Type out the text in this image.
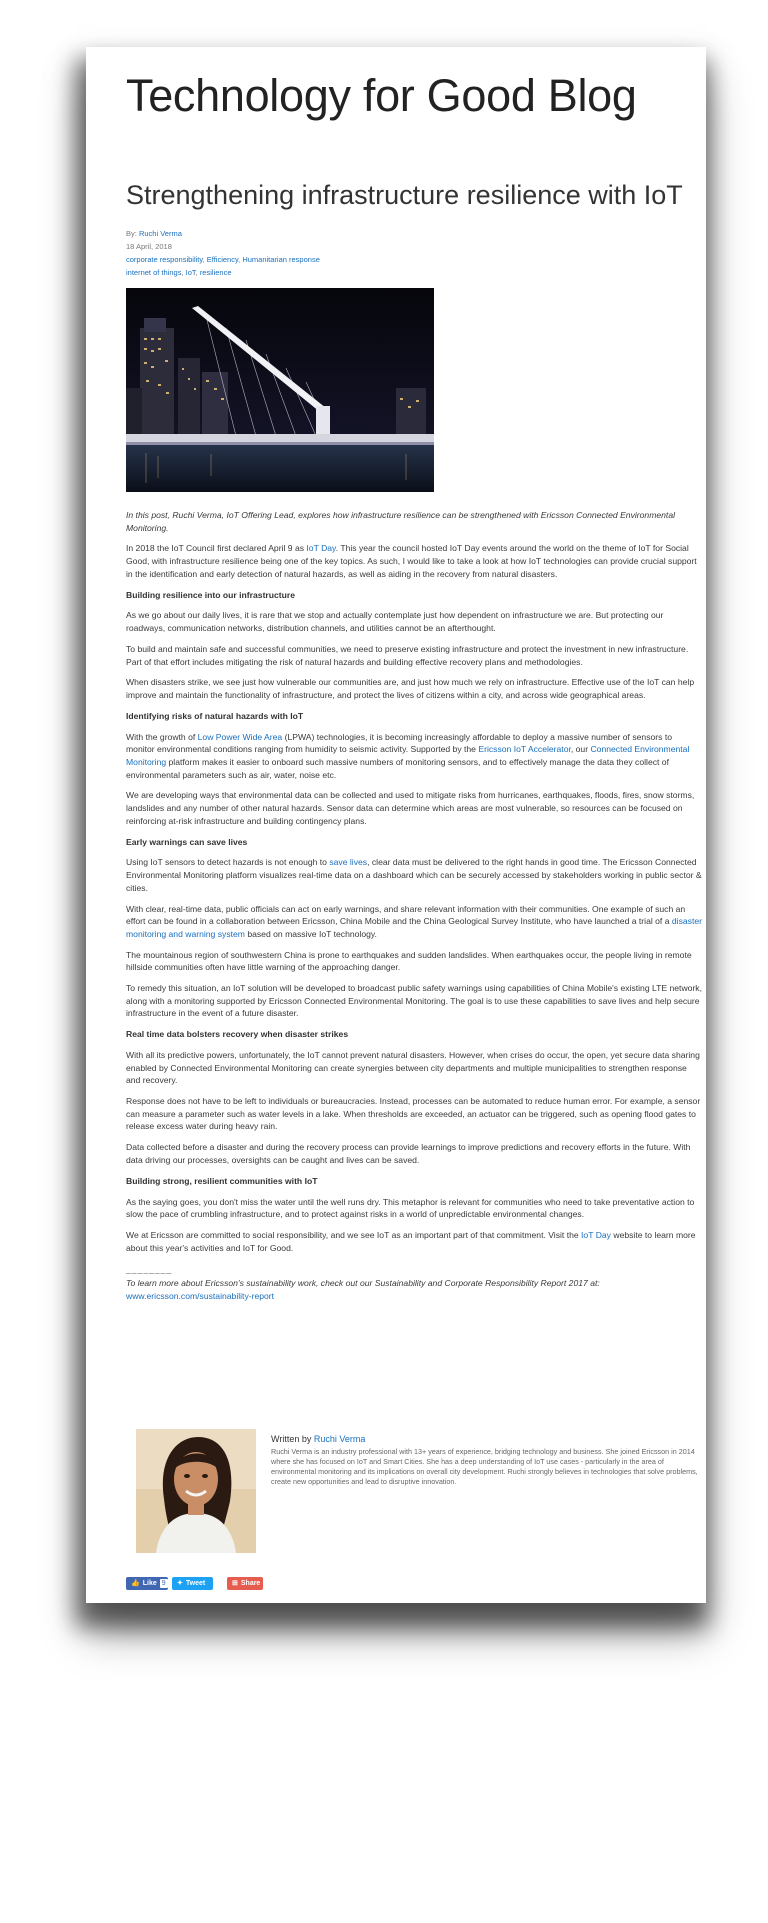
Technology for Good Blog
Strengthening infrastructure resilience with IoT
By: Ruchi Verma
18 April, 2018
corporate responsibility, Efficiency, Humanitarian response
internet of things, IoT, resilience

In this post, Ruchi Verma, IoT Offering Lead, explores how infrastructure resilience can be strengthened with Ericsson Connected Environmental Monitoring.

In 2018 the IoT Council first declared April 9 as IoT Day. This year the council hosted IoT Day events around the world on the theme of IoT for Social Good, with infrastructure resilience being one of the key topics. As such, I would like to take a look at how IoT technologies can provide crucial support in the identification and early detection of natural hazards, as well as aiding in the recovery from natural disasters.

Building resilience into our infrastructure

As we go about our daily lives, it is rare that we stop and actually contemplate just how dependent on infrastructure we are. But protecting our roadways, communication networks, distribution channels, and utilities cannot be an afterthought.

To build and maintain safe and successful communities, we need to preserve existing infrastructure and protect the investment in new infrastructure. Part of that effort includes mitigating the risk of natural hazards and building effective recovery plans and methodologies.

When disasters strike, we see just how vulnerable our communities are, and just how much we rely on infrastructure. Effective use of the IoT can help improve and maintain the functionality of infrastructure, and protect the lives of citizens within a city, and across wide geographical areas.

Identifying risks of natural hazards with IoT

With the growth of Low Power Wide Area (LPWA) technologies, it is becoming increasingly affordable to deploy a massive number of sensors to monitor environmental conditions ranging from humidity to seismic activity. Supported by the Ericsson IoT Accelerator, our Connected Environmental Monitoring platform makes it easier to onboard such massive numbers of monitoring sensors, and to effectively manage the data they collect of environmental parameters such as air, water, noise etc.

We are developing ways that environmental data can be collected and used to mitigate risks from hurricanes, earthquakes, floods, fires, snow storms, landslides and any number of other natural hazards. Sensor data can determine which areas are most vulnerable, so resources can be focused on reinforcing at-risk infrastructure and building contingency plans.

Early warnings can save lives

Using IoT sensors to detect hazards is not enough to save lives, clear data must be delivered to the right hands in good time. The Ericsson Connected Environmental Monitoring platform visualizes real-time data on a dashboard which can be securely accessed by stakeholders working in public sector & cities.

With clear, real-time data, public officials can act on early warnings, and share relevant information with their communities. One example of such an effort can be found in a collaboration between Ericsson, China Mobile and the China Geological Survey Institute, who have launched a trial of a disaster monitoring and warning system based on massive IoT technology.

The mountainous region of southwestern China is prone to earthquakes and sudden landslides. When earthquakes occur, the people living in remote hillside communities often have little warning of the approaching danger.

To remedy this situation, an IoT solution will be developed to broadcast public safety warnings using capabilities of China Mobile's existing LTE network, along with a monitoring supported by Ericsson Connected Environmental Monitoring. The goal is to use these capabilities to save lives and help secure infrastructure in the event of a future disaster.

Real time data bolsters recovery when disaster strikes

With all its predictive powers, unfortunately, the IoT cannot prevent natural disasters. However, when crises do occur, the open, yet secure data sharing enabled by Connected Environmental Monitoring can create synergies between city departments and multiple municipalities to strengthen response and recovery.

Response does not have to be left to individuals or bureaucracies. Instead, processes can be automated to reduce human error. For example, a sensor can measure a parameter such as water levels in a lake. When thresholds are exceeded, an actuator can be triggered, such as opening flood gates to release excess water during heavy rain.

Data collected before a disaster and during the recovery process can provide learnings to improve predictions and recovery efforts in the future. With data driving our processes, oversights can be caught and lives can be saved.

Building strong, resilient communities with IoT

As the saying goes, you don't miss the water until the well runs dry. This metaphor is relevant for communities who need to take preventative action to slow the pace of crumbling infrastructure, and to protect against risks in a world of unpredictable environmental changes.

We at Ericsson are committed to social responsibility, and we see IoT as an important part of that commitment. Visit the IoT Day website to learn more about this year's activities and IoT for Good.

________

To learn more about Ericsson's sustainability work, check out our Sustainability and Corporate Responsibility Report 2017 at: www.ericsson.com/sustainability-report

Written by Ruchi Verma
Ruchi Verma is an industry professional with 13+ years of experience, bridging technology and business. She joined Ericsson in 2014 where she has focused on IoT and Smart Cities. She has a deep understanding of IoT use cases - particularly in the area of environmental monitoring and its implications on overall city development. Ruchi strongly believes in technologies that solve problems, create new opportunities and lead to disruptive innovation.
👍 Like 9 ✦ Tweet	⊞ Share
